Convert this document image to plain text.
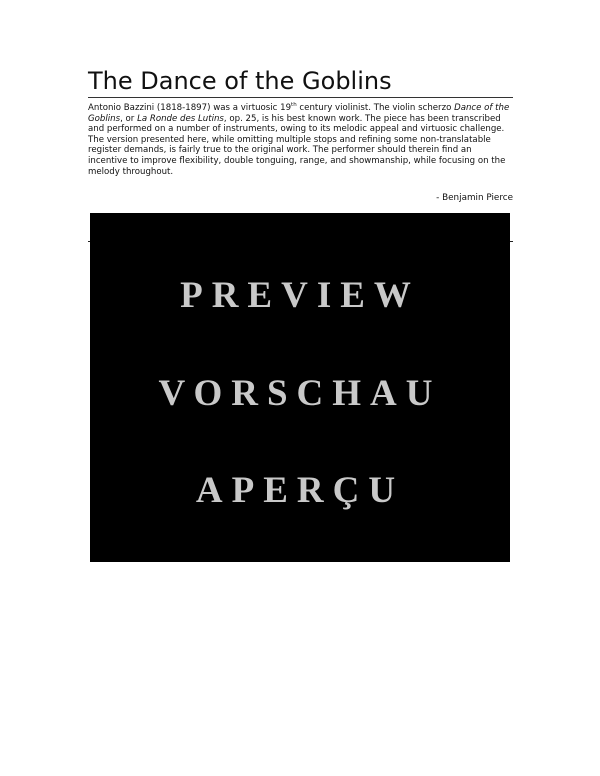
The Dance of the Goblins

Antonio Bazzini (1818-1897) was a virtuosic 19th century violinist. The violin scherzo Dance of the Goblins, or La Ronde des Lutins, op. 25, is his best known work. The piece has been transcribed and performed on a number of instruments, owing to its melodic appeal and virtuosic challenge. The version presented here, while omitting multiple stops and refining some non-translatable register demands, is fairly true to the original work. The performer should therein find an incentive to improve flexibility, double tonguing, range, and showmanship, while focusing on the melody throughout.

- Benjamin Pierce
PREVIEW
VORSCHAU
APERÇU
